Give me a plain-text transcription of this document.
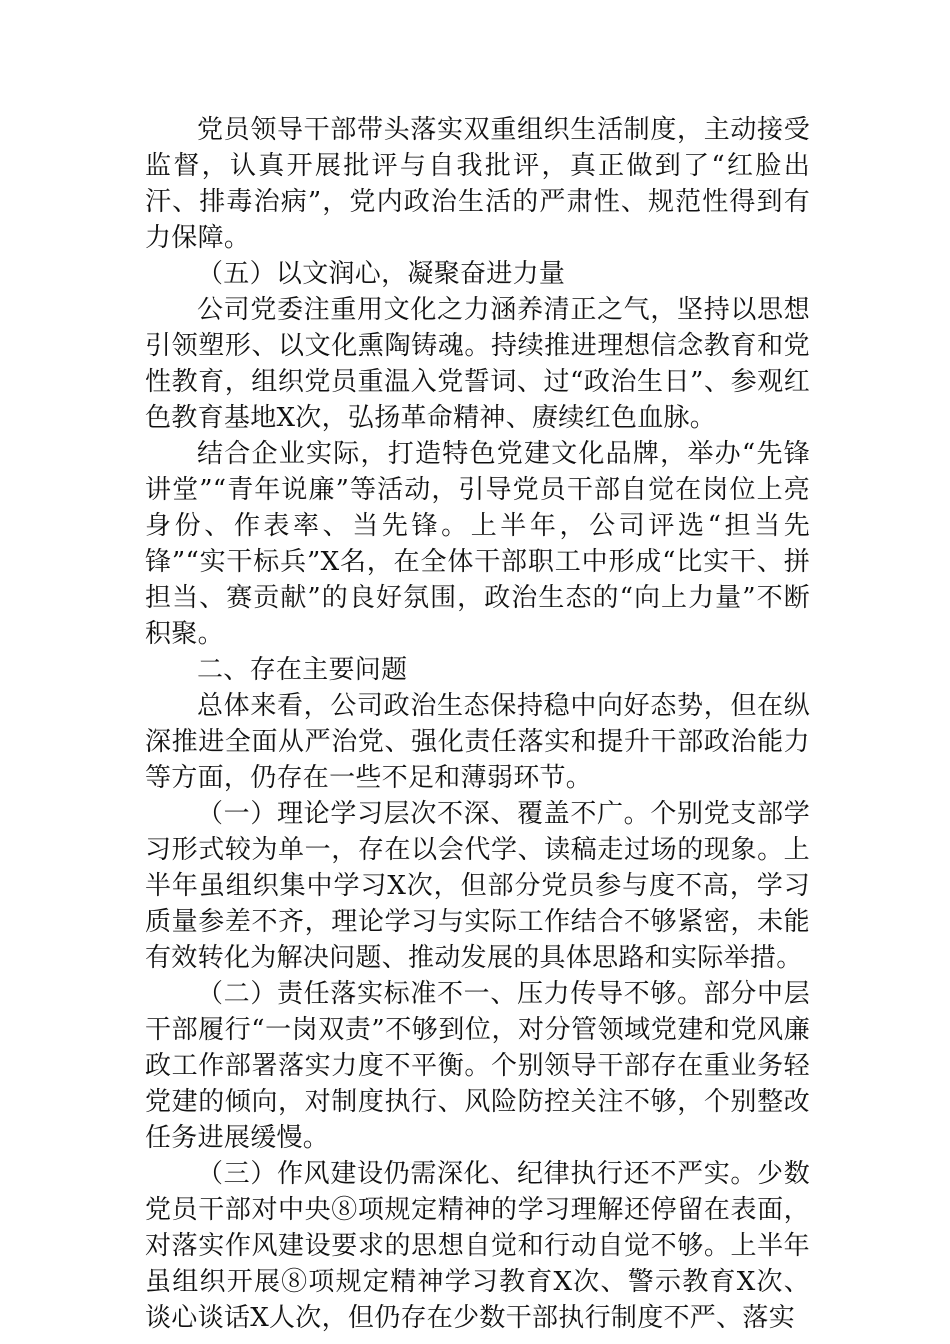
党员领导干部带头落实双重组织生活制度，主动接受监督，认真开展批评与自我批评，真正做到了“红脸出汗、排毒治病”，党内政治生活的严肃性、规范性得到有力保障。

（五）以文润心，凝聚奋进力量

公司党委注重用文化之力涵养清正之气，坚持以思想引领塑形、以文化熏陶铸魂。持续推进理想信念教育和党性教育，组织党员重温入党誓词、过“政治生日”、参观红色教育基地X次，弘扬革命精神、赓续红色血脉。

结合企业实际，打造特色党建文化品牌，举办“先锋讲堂”“青年说廉”等活动，引导党员干部自觉在岗位上亮身份、作表率、当先锋。上半年，公司评选“担当先锋”“实干标兵”X名，在全体干部职工中形成“比实干、拼担当、赛贡献”的良好氛围，政治生态的“向上力量”不断积聚。

二、存在主要问题

总体来看，公司政治生态保持稳中向好态势，但在纵深推进全面从严治党、强化责任落实和提升干部政治能力等方面，仍存在一些不足和薄弱环节。

（一）理论学习层次不深、覆盖不广。个别党支部学习形式较为单一，存在以会代学、读稿走过场的现象。上半年虽组织集中学习X次，但部分党员参与度不高，学习质量参差不齐，理论学习与实际工作结合不够紧密，未能有效转化为解决问题、推动发展的具体思路和实际举措。

（二）责任落实标准不一、压力传导不够。部分中层干部履行“一岗双责”不够到位，对分管领域党建和党风廉政工作部署落实力度不平衡。个别领导干部存在重业务轻党建的倾向，对制度执行、风险防控关注不够，个别整改任务进展缓慢。

（三）作风建设仍需深化、纪律执行还不严实。少数党员干部对中央⑧项规定精神的学习理解还停留在表面，对落实作风建设要求的思想自觉和行动自觉不够。上半年虽组织开展⑧项规定精神学习教育X次、警示教育X次、谈心谈话X人次，但仍存在少数干部执行制度不严、落实
